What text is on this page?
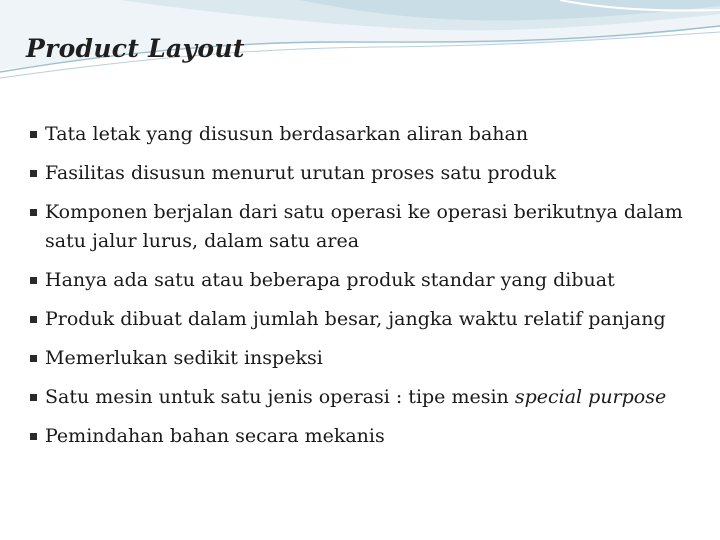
Product Layout
Tata letak yang disusun berdasarkan aliran bahan
Fasilitas disusun menurut urutan proses satu produk
Komponen berjalan dari satu operasi ke operasi berikutnya dalam satu jalur lurus, dalam satu area
Hanya ada satu atau beberapa produk standar yang dibuat
Produk dibuat dalam jumlah besar, jangka waktu relatif panjang
Memerlukan sedikit inspeksi
Satu mesin untuk satu jenis operasi : tipe mesin special purpose
Pemindahan bahan secara mekanis
